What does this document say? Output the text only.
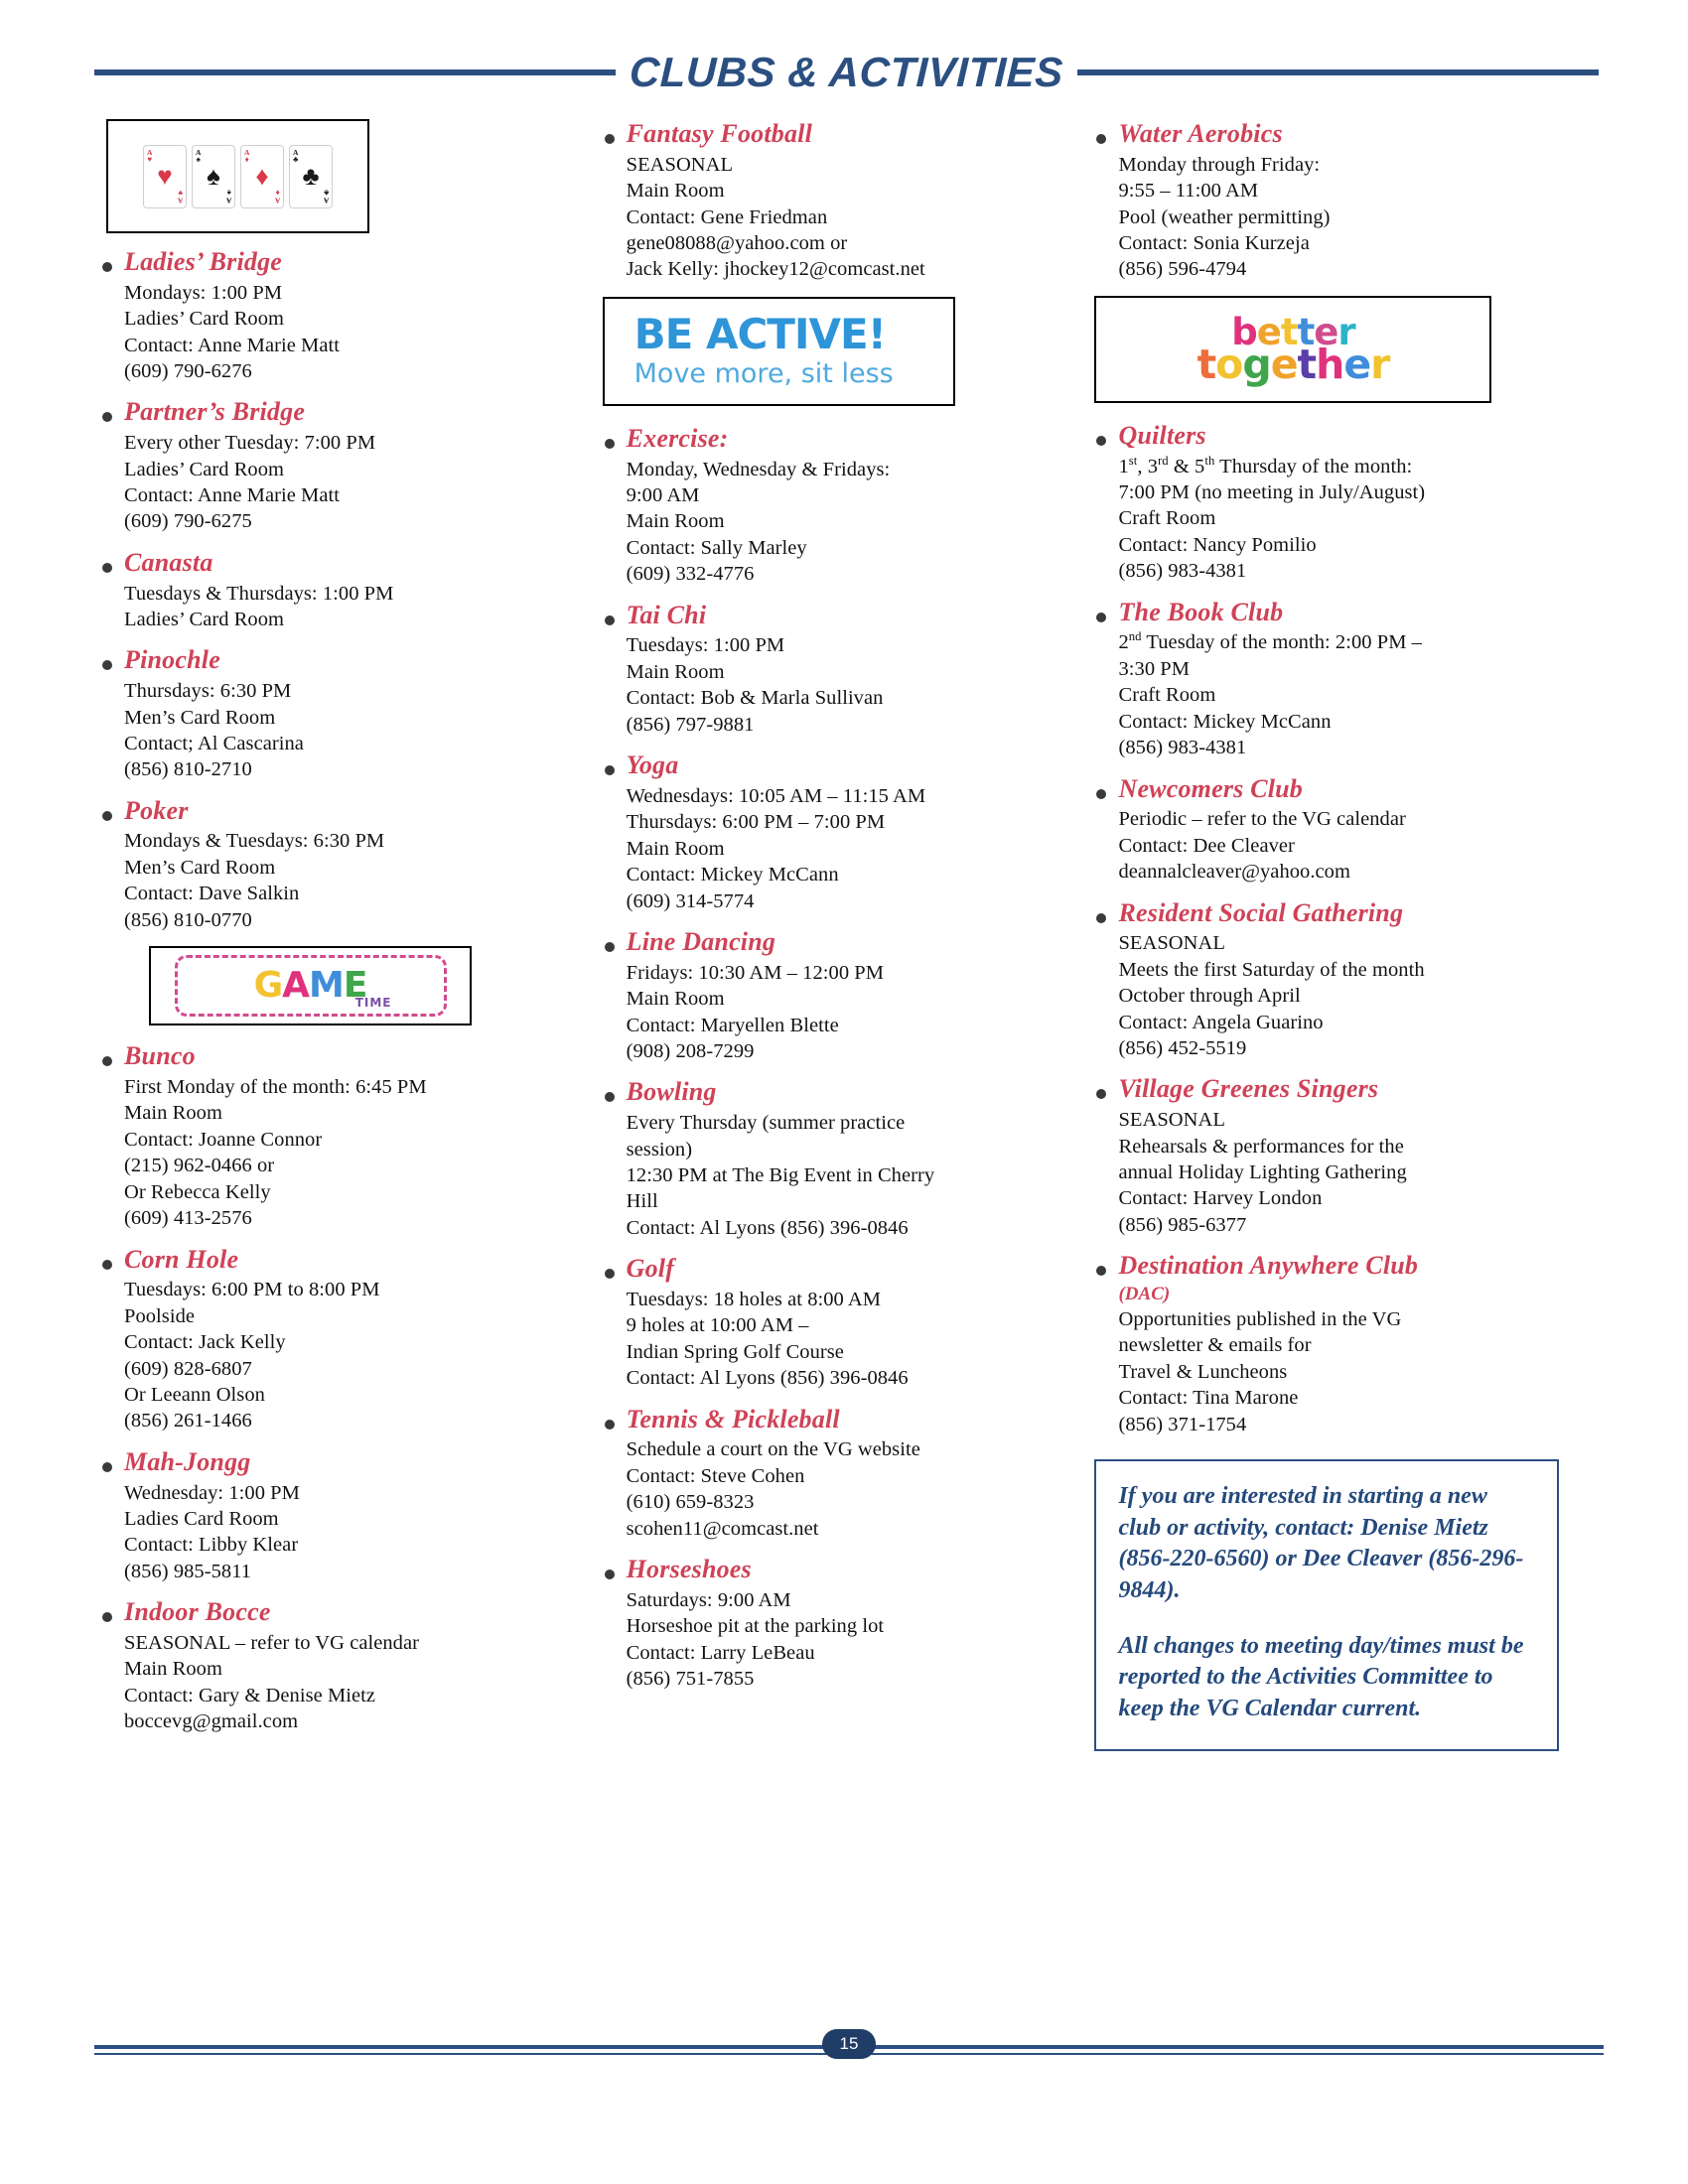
CLUBS & ACTIVITIES
A
♥
♥
A
♥
A
♠
♠
A
♠
A
♦
♦
A
♦
A
♣
♣
A
♣
Ladies’ Bridge

Mondays: 1:00 PM

Ladies’ Card Room

Contact: Anne Marie Matt

(609) 790-6276

Partner’s Bridge

Every other Tuesday: 7:00 PM

Ladies’ Card Room

Contact: Anne Marie Matt

(609) 790-6275

Canasta

Tuesdays & Thursdays: 1:00 PM

Ladies’ Card Room

Pinochle

Thursdays: 6:30 PM

Men’s Card Room

Contact; Al Cascarina

(856) 810-2710

Poker

Mondays & Tuesdays: 6:30 PM

Men’s Card Room

Contact: Dave Salkin

(856) 810-0770

GAME
TIME
Bunco

First Monday of the month: 6:45 PM

Main Room

Contact: Joanne Connor

(215) 962-0466 or

Or Rebecca Kelly

(609) 413-2576

Corn Hole

Tuesdays: 6:00 PM to 8:00 PM

Poolside

Contact: Jack Kelly

(609) 828-6807

Or Leeann Olson

(856) 261-1466

Mah-Jongg

Wednesday: 1:00 PM

Ladies Card Room

Contact: Libby Klear

(856) 985-5811

Indoor Bocce

SEASONAL – refer to VG calendar

Main Room

Contact: Gary & Denise Mietz

boccevg@gmail.com

Fantasy Football

SEASONAL

Main Room

Contact: Gene Friedman

gene08088@yahoo.com or

Jack Kelly: jhockey12@comcast.net

BE ACTIVE!
Move more, sit less
Exercise:

Monday, Wednesday & Fridays:

9:00 AM

Main Room

Contact: Sally Marley

(609) 332-4776

Tai Chi

Tuesdays: 1:00 PM

Main Room

Contact: Bob & Marla Sullivan

(856) 797-9881

Yoga

Wednesdays: 10:05 AM – 11:15 AM

Thursdays: 6:00 PM – 7:00 PM

Main Room

Contact: Mickey McCann

(609) 314-5774

Line Dancing

Fridays: 10:30 AM – 12:00 PM

Main Room

Contact: Maryellen Blette

(908) 208-7299

Bowling

Every Thursday (summer practice

session)

12:30 PM at The Big Event in Cherry

Hill

Contact: Al Lyons (856) 396-0846

Golf

Tuesdays: 18 holes at 8:00 AM

9 holes at 10:00 AM –

Indian Spring Golf Course

Contact: Al Lyons (856) 396-0846

Tennis & Pickleball

Schedule a court on the VG website

Contact: Steve Cohen

(610) 659-8323

scohen11@comcast.net

Horseshoes

Saturdays: 9:00 AM

Horseshoe pit at the parking lot

Contact: Larry LeBeau

(856) 751-7855

Water Aerobics

Monday through Friday:

9:55 – 11:00 AM

Pool (weather permitting)

Contact: Sonia Kurzeja

(856) 596-4794

better
together
Quilters

1st, 3rd & 5th Thursday of the month:

7:00 PM (no meeting in July/August)

Craft Room

Contact: Nancy Pomilio

(856) 983-4381

The Book Club

2nd Tuesday of the month: 2:00 PM –

3:30 PM

Craft Room

Contact: Mickey McCann

(856) 983-4381

Newcomers Club

Periodic – refer to the VG calendar

Contact: Dee Cleaver

deannalcleaver@yahoo.com

Resident Social Gathering

SEASONAL

Meets the first Saturday of the month

October through April

Contact: Angela Guarino

(856) 452-5519

Village Greenes Singers

SEASONAL

Rehearsals & performances for the

annual Holiday Lighting Gathering

Contact: Harvey London

(856) 985-6377

Destination Anywhere Club
(DAC)

Opportunities published in the VG

newsletter & emails for

Travel & Luncheons

Contact: Tina Marone

(856) 371-1754

If you are interested in starting a new club or activity, contact: Denise Mietz (856-220-6560) or Dee Cleaver (856-296-9844).

All changes to meeting day/times must be reported to the Activities Committee to keep the VG Calendar current.

15
